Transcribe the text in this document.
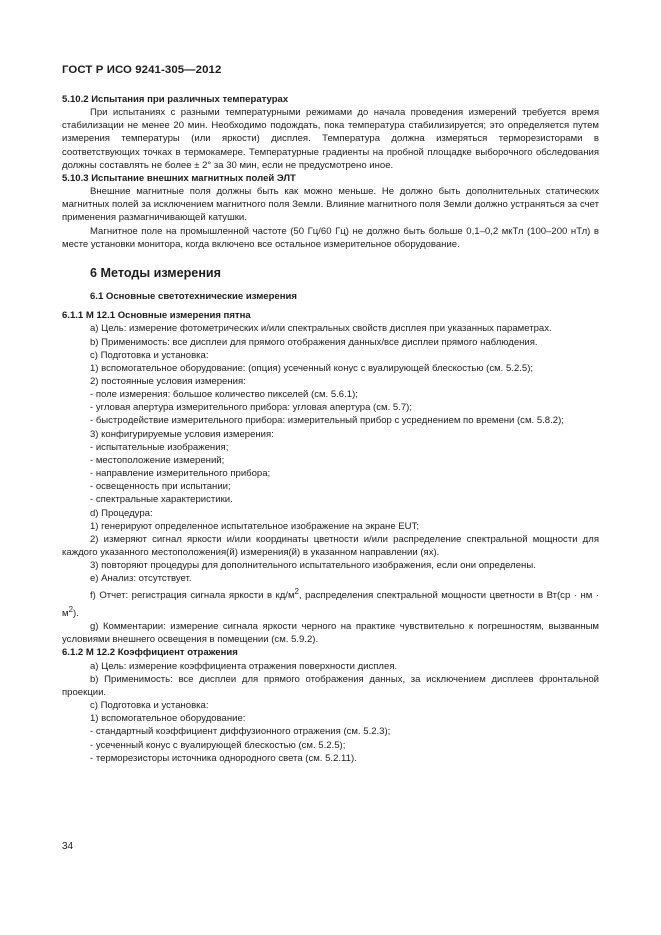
ГОСТ Р ИСО 9241-305—2012

5.10.2 Испытания при различных температурах

При испытаниях с разными температурными режимами до начала проведения измерений требуется время стабилизации не менее 20 мин. Необходимо подождать, пока температура стабилизируется; это определяется путем измерения температуры (или яркости) дисплея. Температура должна измеряться терморезисторами в соответствующих точках в термокамере. Температурные градиенты на пробной площадке выборочного обследования должны составлять не более ± 2° за 30 мин, если не предусмотрено иное.

5.10.3 Испытание внешних магнитных полей ЭЛТ

Внешние магнитные поля должны быть как можно меньше. Не должно быть дополнительных статических магнитных полей за исключением магнитного поля Земли. Влияние магнитного поля Земли должно устраняться за счет применения размагничивающей катушки.

Магнитное поле на промышленной частоте (50 Гц/60 Гц) не должно быть больше 0,1–0,2 мкТл (100–200 нТл) в месте установки монитора, когда включено все остальное измерительное оборудование.

6 Методы измерения

6.1 Основные светотехнические измерения

6.1.1 М 12.1 Основные измерения пятна

a) Цель: измерение фотометрических и/или спектральных свойств дисплея при указанных параметрах.

b) Применимость: все дисплеи для прямого отображения данных/все дисплеи прямого наблюдения.

c) Подготовка и установка:

1) вспомогательное оборудование: (опция) усеченный конус с вуалирующей блескостью (см. 5.2.5);

2) постоянные условия измерения:

- поле измерения: большое количество пикселей (см. 5.6.1);

- угловая апертура измерительного прибора: угловая апертура (см. 5.7);

- быстродействие измерительного прибора: измерительный прибор с усреднением по времени (см. 5.8.2);

3) конфигурируемые условия измерения:

- испытательные изображения;

- местоположение измерений;

- направление измерительного прибора;

- освещенность при испытании;

- спектральные характеристики.

d) Процедура:

1) генерируют определенное испытательное изображение на экране EUT;

2) измеряют сигнал яркости и/или координаты цветности и/или распределение спектральной мощности для каждого указанного местоположения(й) измерения(й) в указанном направлении (ях).

3) повторяют процедуры для дополнительного испытательного изображения, если они определены.

e) Анализ: отсутствует.

f) Отчет: регистрация сигнала яркости в $кд/м^2$, распределения спектральной мощности цветности в Вт(ср · нм · $м^2$).

g) Комментарии: измерение сигнала яркости черного на практике чувствительно к погрешностям, вызванным условиями внешнего освещения в помещении (см. 5.9.2).

6.1.2 М 12.2 Коэффициент отражения

a) Цель: измерение коэффициента отражения поверхности дисплея.

b) Применимость: все дисплеи для прямого отображения данных, за исключением дисплеев фронтальной проекции.

c) Подготовка и установка:

1) вспомогательное оборудование:

- стандартный коэффициент диффузионного отражения (см. 5.2.3);

- усеченный конус с вуалирующей блескостью (см. 5.2.5);

- терморезисторы источника однородного света (см. 5.2.11).

34
